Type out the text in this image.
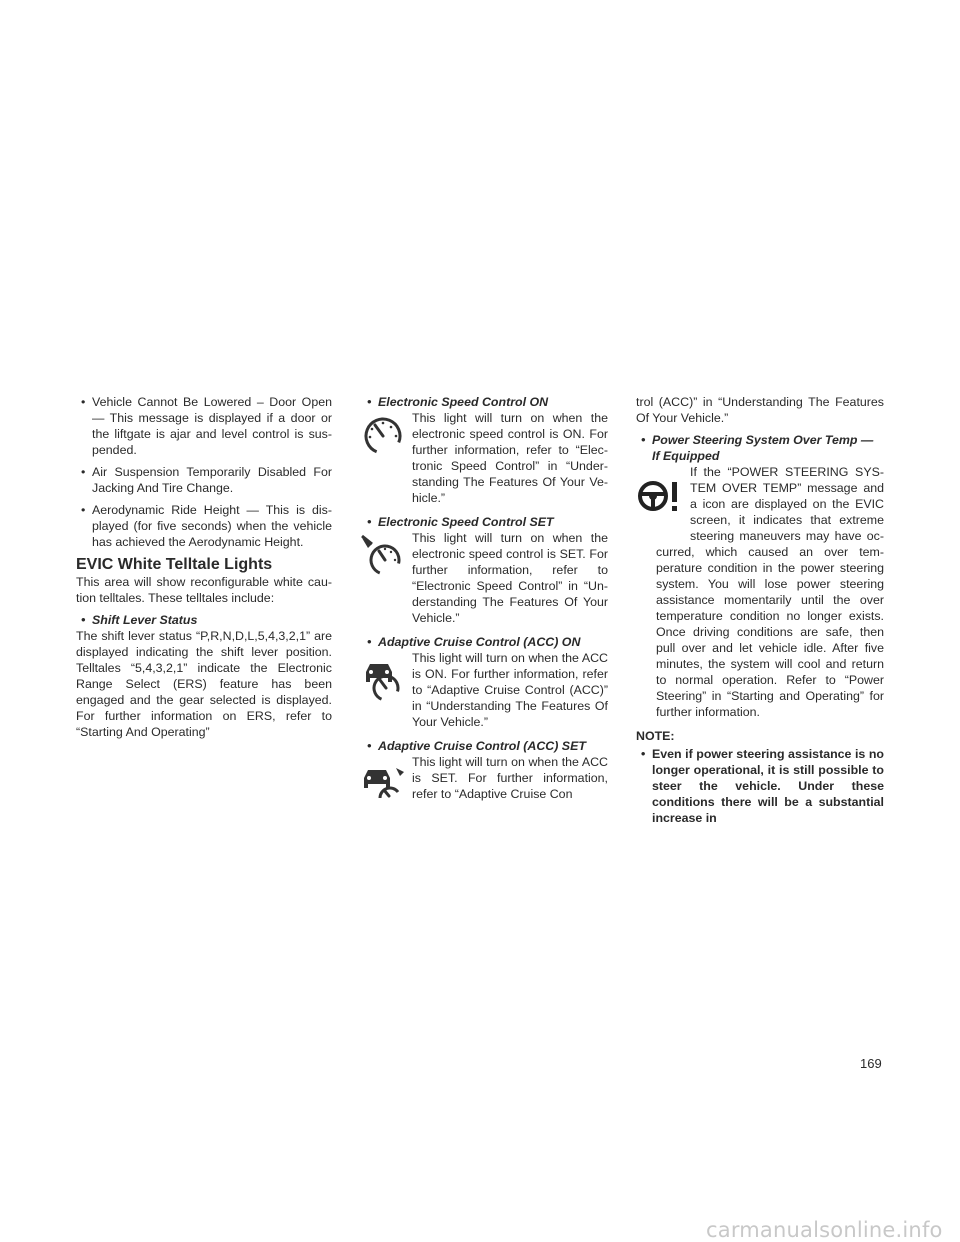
• Vehicle Cannot Be Lowered – Door Open — This message is displayed if a door or the liftgate is ajar and level control is suspended.
• Air Suspension Temporarily Disabled For Jacking And Tire Change.
• Aerodynamic Ride Height — This is displayed (for five seconds) when the vehicle has achieved the Aerodynamic Height.
EVIC White Telltale Lights

This area will show reconfigurable white caution telltales. These telltales include:

• Shift Lever Status

The shift lever status “P,R,N,D,L,5,4,3,2,1” are displayed indicating the shift lever position. Telltales “5,4,3,2,1” indicate the Electronic Range Select (ERS) feature has been engaged and the gear selected is displayed. For further information on ERS, refer to “Starting And Operating”

• Electronic Speed Control ON
This light will turn on when the electronic speed control is ON. For further information, refer to “Electronic Speed Control” in “Understanding The Features Of Your Vehicle.”
• Electronic Speed Control SET
This light will turn on when the electronic speed control is SET. For further information, refer to “Electronic Speed Control” in “Understanding The Features Of Your Vehicle.”
• Adaptive Cruise Control (ACC) ON
This light will turn on when the ACC is ON. For further information, refer to “Adaptive Cruise Control (ACC)” in “Understanding The Features Of Your Vehicle.”
• Adaptive Cruise Control (ACC) SET
This light will turn on when the ACC is SET. For further information, refer to “Adaptive Cruise Con

trol (ACC)” in “Understanding The Features Of Your Vehicle.”

• Power Steering System Over Temp — If Equipped

If the “POWER STEERING SYSTEM OVER TEMP” message and a icon are displayed on the EVIC screen, it indicates that extreme steering maneuvers may have occurred, which caused an over temperature condition in the power steering system. You will lose power steering assistance momentarily until the over temperature condition no longer exists. Once driving conditions are safe, then pull over and let vehicle idle. After five minutes, the system will cool and return to normal operation. Refer to “Power Steering” in “Starting and Operating” for further information.

NOTE:
• Even if power steering assistance is no longer operational, it is still possible to steer the vehicle. Under these conditions there will be a substantial increase in
169
carmanualsonline.info
